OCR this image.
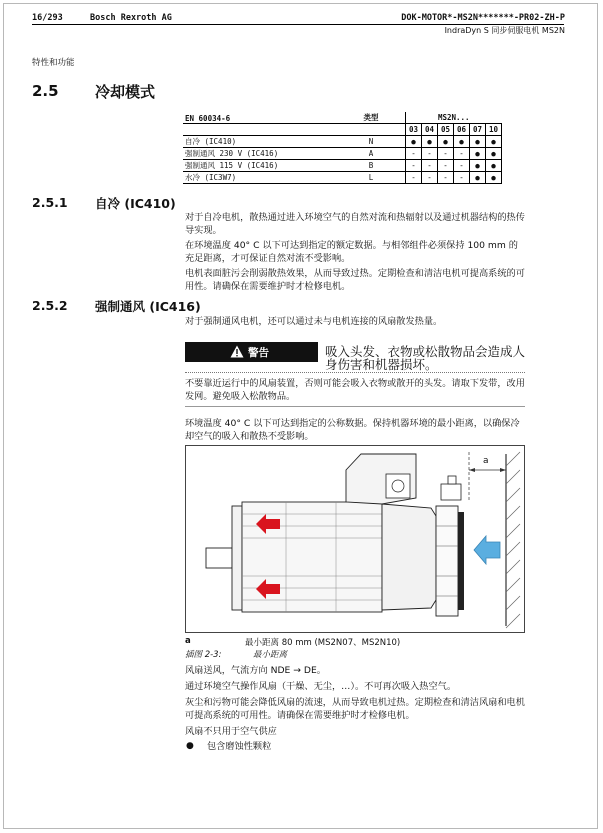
16/293	Bosch Rexroth AG	DOK-MOTOR*-MS2N*******-PR02-ZH-P
IndraDyn S 同步伺服电机 MS2N
特性和功能
2.5 冷却模式
EN 60034-6	类型	MS2N...					
		03	04	05	06	07	10
自冷 (IC410)	N	●	●	●	●	●	●
强制通风 230 V (IC416)	A	-	-	-	-	●	●
强制通风 115 V (IC416)	B	-	-	-	-	●	●
水冷 (IC3W7)	L	-	-	-	-	●	●
2.5.1 自冷 (IC410)
对于自冷电机，散热通过进入环境空气的自然对流和热辐射以及通过机器结构的热传导实现。
在环境温度 40° C 以下可达到指定的额定数据。与相邻组件必须保持 100 mm 的充足距离，才可保证自然对流不受影响。
电机表面脏污会削弱散热效果，从而导致过热。定期检查和清洁电机可提高系统的可用性。请确保在需要维护时才检修电机。
2.5.2 强制通风 (IC416)
对于强制通风电机，还可以通过未与电机连接的风扇散发热量。
警告	吸入头发、衣物或松散物品会造成人身伤害和机器损坏。
不要靠近运行中的风扇装置，否则可能会吸入衣物或散开的头发。请取下发带，改用发网。避免吸入松散物品。
环境温度 40° C 以下可达到指定的公称数据。保持机器环境的最小距离，以确保冷却空气的吸入和散热不受影响。
a
a	最小距离 80 mm (MS2N07、MS2N10)
插图 2-3:	最小距离
风扇送风，气流方向 NDE → DE。
通过环境空气操作风扇（干燥、无尘，…）。不可再次吸入热空气。
灰尘和污物可能会降低风扇的流速，从而导致电机过热。定期检查和清洁风扇和电机可提高系统的可用性。请确保在需要维护时才检修电机。
风扇不只用于空气供应
● 包含磨蚀性颗粒
